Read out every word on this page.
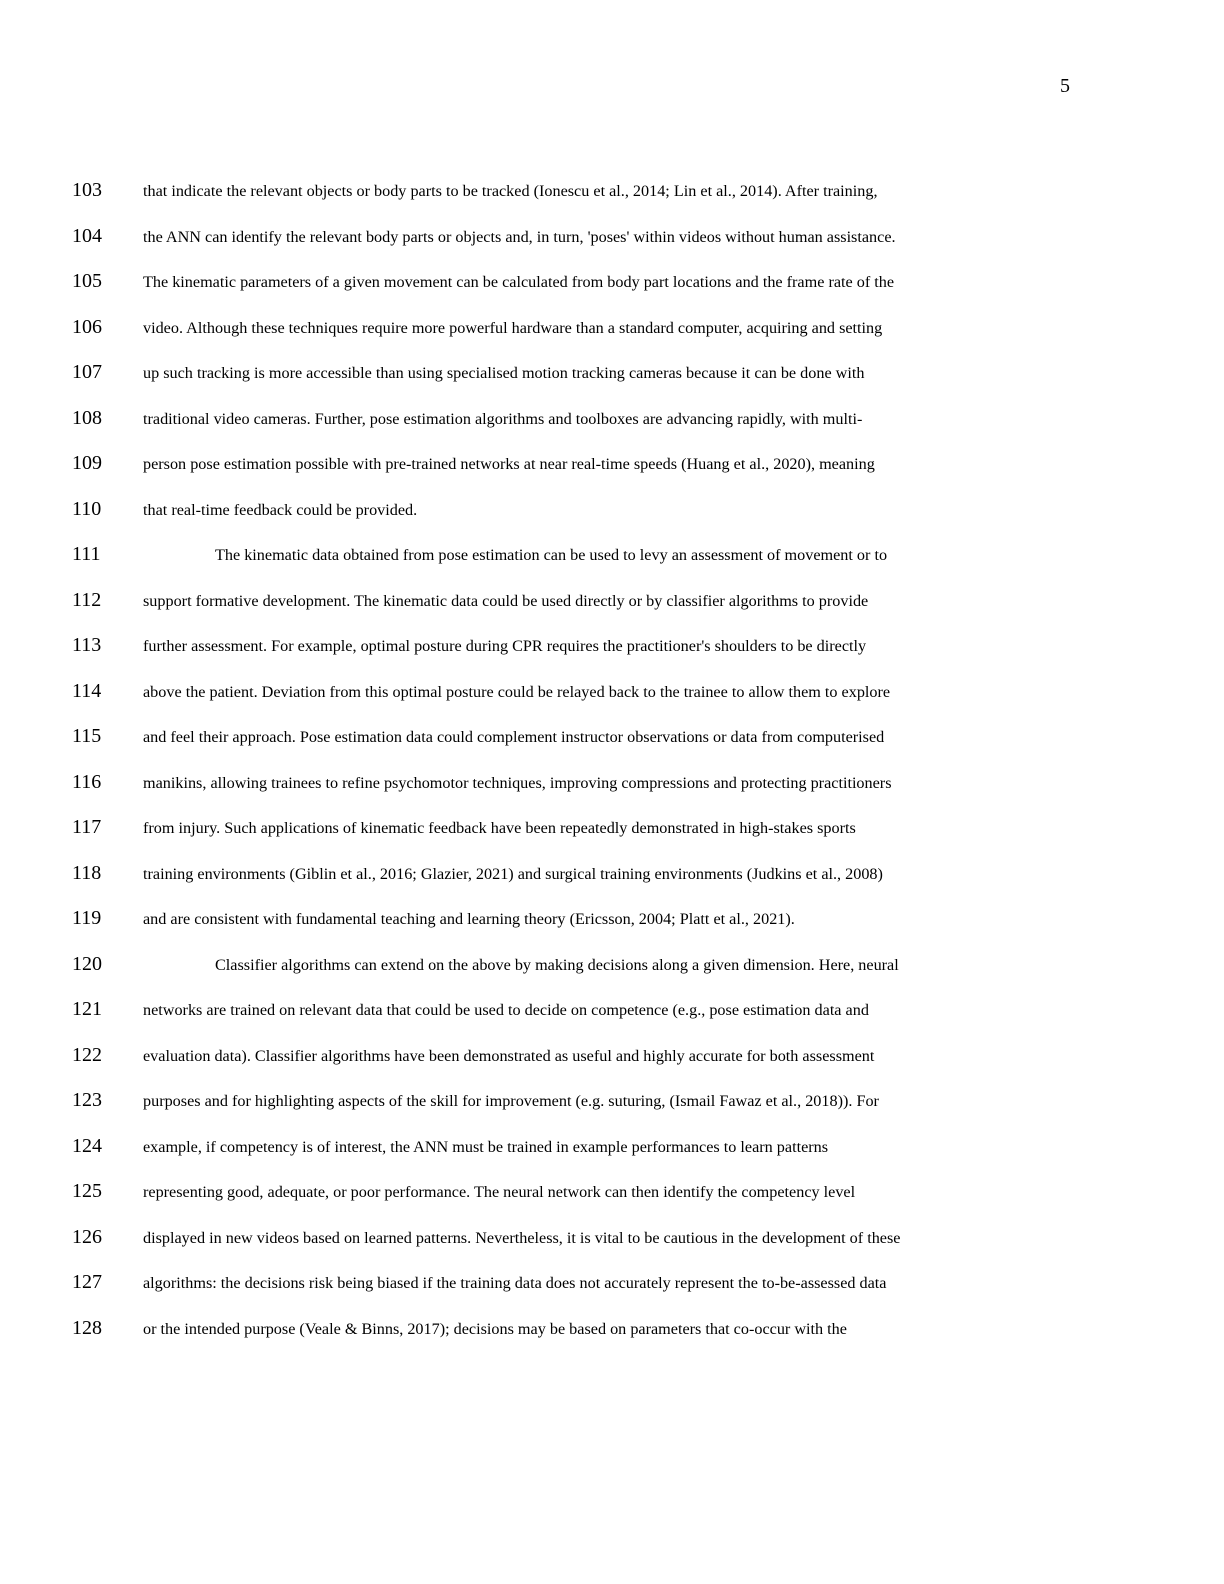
5
103	that indicate the relevant objects or body parts to be tracked (Ionescu et al., 2014; Lin et al., 2014). After training,
104	the ANN can identify the relevant body parts or objects and, in turn, 'poses' within videos without human assistance.
105	The kinematic parameters of a given movement can be calculated from body part locations and the frame rate of the
106	video. Although these techniques require more powerful hardware than a standard computer, acquiring and setting
107	up such tracking is more accessible than using specialised motion tracking cameras because it can be done with
108	traditional video cameras. Further, pose estimation algorithms and toolboxes are advancing rapidly, with multi-
109	person pose estimation possible with pre-trained networks at near real-time speeds (Huang et al., 2020), meaning
110	that real-time feedback could be provided.
111	The kinematic data obtained from pose estimation can be used to levy an assessment of movement or to
112	support formative development. The kinematic data could be used directly or by classifier algorithms to provide
113	further assessment. For example, optimal posture during CPR requires the practitioner's shoulders to be directly
114	above the patient. Deviation from this optimal posture could be relayed back to the trainee to allow them to explore
115	and feel their approach. Pose estimation data could complement instructor observations or data from computerised
116	manikins, allowing trainees to refine psychomotor techniques, improving compressions and protecting practitioners
117	from injury. Such applications of kinematic feedback have been repeatedly demonstrated in high-stakes sports
118	training environments (Giblin et al., 2016; Glazier, 2021) and surgical training environments (Judkins et al., 2008)
119	and are consistent with fundamental teaching and learning theory (Ericsson, 2004; Platt et al., 2021).
120	Classifier algorithms can extend on the above by making decisions along a given dimension. Here, neural
121	networks are trained on relevant data that could be used to decide on competence (e.g., pose estimation data and
122	evaluation data). Classifier algorithms have been demonstrated as useful and highly accurate for both assessment
123	purposes and for highlighting aspects of the skill for improvement (e.g. suturing, (Ismail Fawaz et al., 2018)). For
124	example, if competency is of interest, the ANN must be trained in example performances to learn patterns
125	representing good, adequate, or poor performance. The neural network can then identify the competency level
126	displayed in new videos based on learned patterns. Nevertheless, it is vital to be cautious in the development of these
127	algorithms: the decisions risk being biased if the training data does not accurately represent the to-be-assessed data
128	or the intended purpose (Veale & Binns, 2017); decisions may be based on parameters that co-occur with the
